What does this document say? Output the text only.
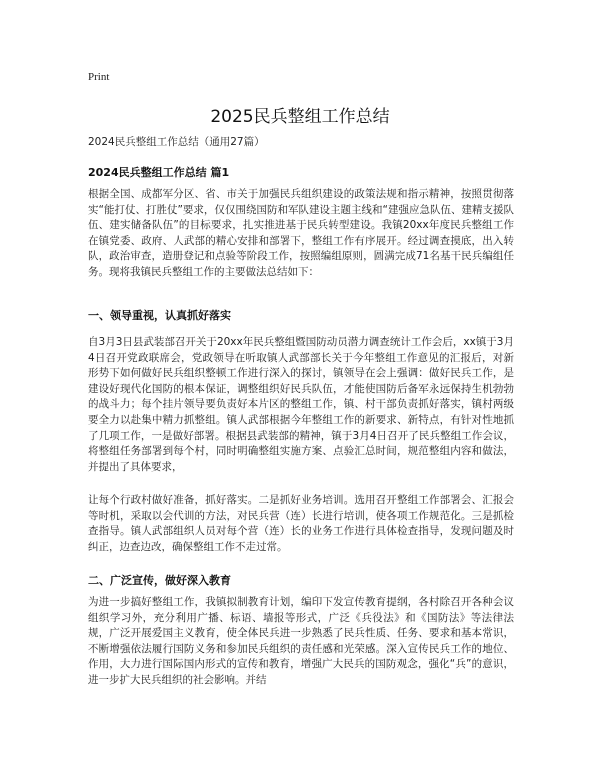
Print
2025民兵整组工作总结
2024民兵整组工作总结（通用27篇）
2024民兵整组工作总结 篇1

根据全国、成都军分区、省、市关于加强民兵组织建设的政策法规和指示精神，按照贯彻落实“能打仗、打胜仗”要求，仅仅围绕国防和军队建设主题主线和“建强应急队伍、建精支援队伍、建实储备队伍”的目标要求，扎实推进基于民兵转型建设。我镇20xx年度民兵整组工作在镇党委、政府、人武部的精心安排和部署下，整组工作有序展开。经过调查摸底，出入转队，政治审查，造册登记和点验等阶段工作，按照编组原则，圆满完成71名基干民兵编组任务。现将我镇民兵整组工作的主要做法总结如下：

一、领导重视，认真抓好落实

自3月3日县武装部召开关于20xx年民兵整组暨国防动员潜力调查统计工作会后，xx镇于3月4日召开党政联席会，党政领导在听取镇人武部部长关于今年整组工作意见的汇报后，对新形势下如何做好民兵组织整顿工作进行深入的探讨，镇领导在会上强调：做好民兵工作，是建设好现代化国防的根本保证，调整组织好民兵队伍，才能使国防后备军永远保持生机勃勃的战斗力；每个挂片领导要负责好本片区的整组工作，镇、村干部负责抓好落实，镇村两级要全力以赴集中精力抓整组。镇人武部根据今年整组工作的新要求、新特点，有针对性地抓了几项工作，一是做好部署。根据县武装部的精神，镇于3月4日召开了民兵整组工作会议，将整组任务部署到每个村，同时明确整组实施方案、点验汇总时间，规范整组内容和做法，并提出了具体要求，

让每个行政村做好准备，抓好落实。二是抓好业务培训。选用召开整组工作部署会、汇报会等时机，采取以会代训的方法，对民兵营（连）长进行培训，使各项工作规范化。三是抓检查指导。镇人武部组织人员对每个营（连）长的业务工作进行具体检查指导，发现问题及时纠正，边查边改，确保整组工作不走过常。

二、广泛宣传，做好深入教育

为进一步搞好整组工作，我镇拟制教育计划，编印下发宣传教育提纲，各村除召开各种会议组织学习外，充分利用广播、标语、墙报等形式，广泛《兵役法》和《国防法》等法律法规，广泛开展爱国主义教育，使全体民兵进一步熟悉了民兵性质、任务、要求和基本常识，不断增强依法履行国防义务和参加民兵组织的责任感和光荣感。深入宣传民兵工作的地位、作用，大力进行国际国内形式的宣传和教育，增强广大民兵的国防观念，强化“兵”的意识，进一步扩大民兵组织的社会影响。并结
